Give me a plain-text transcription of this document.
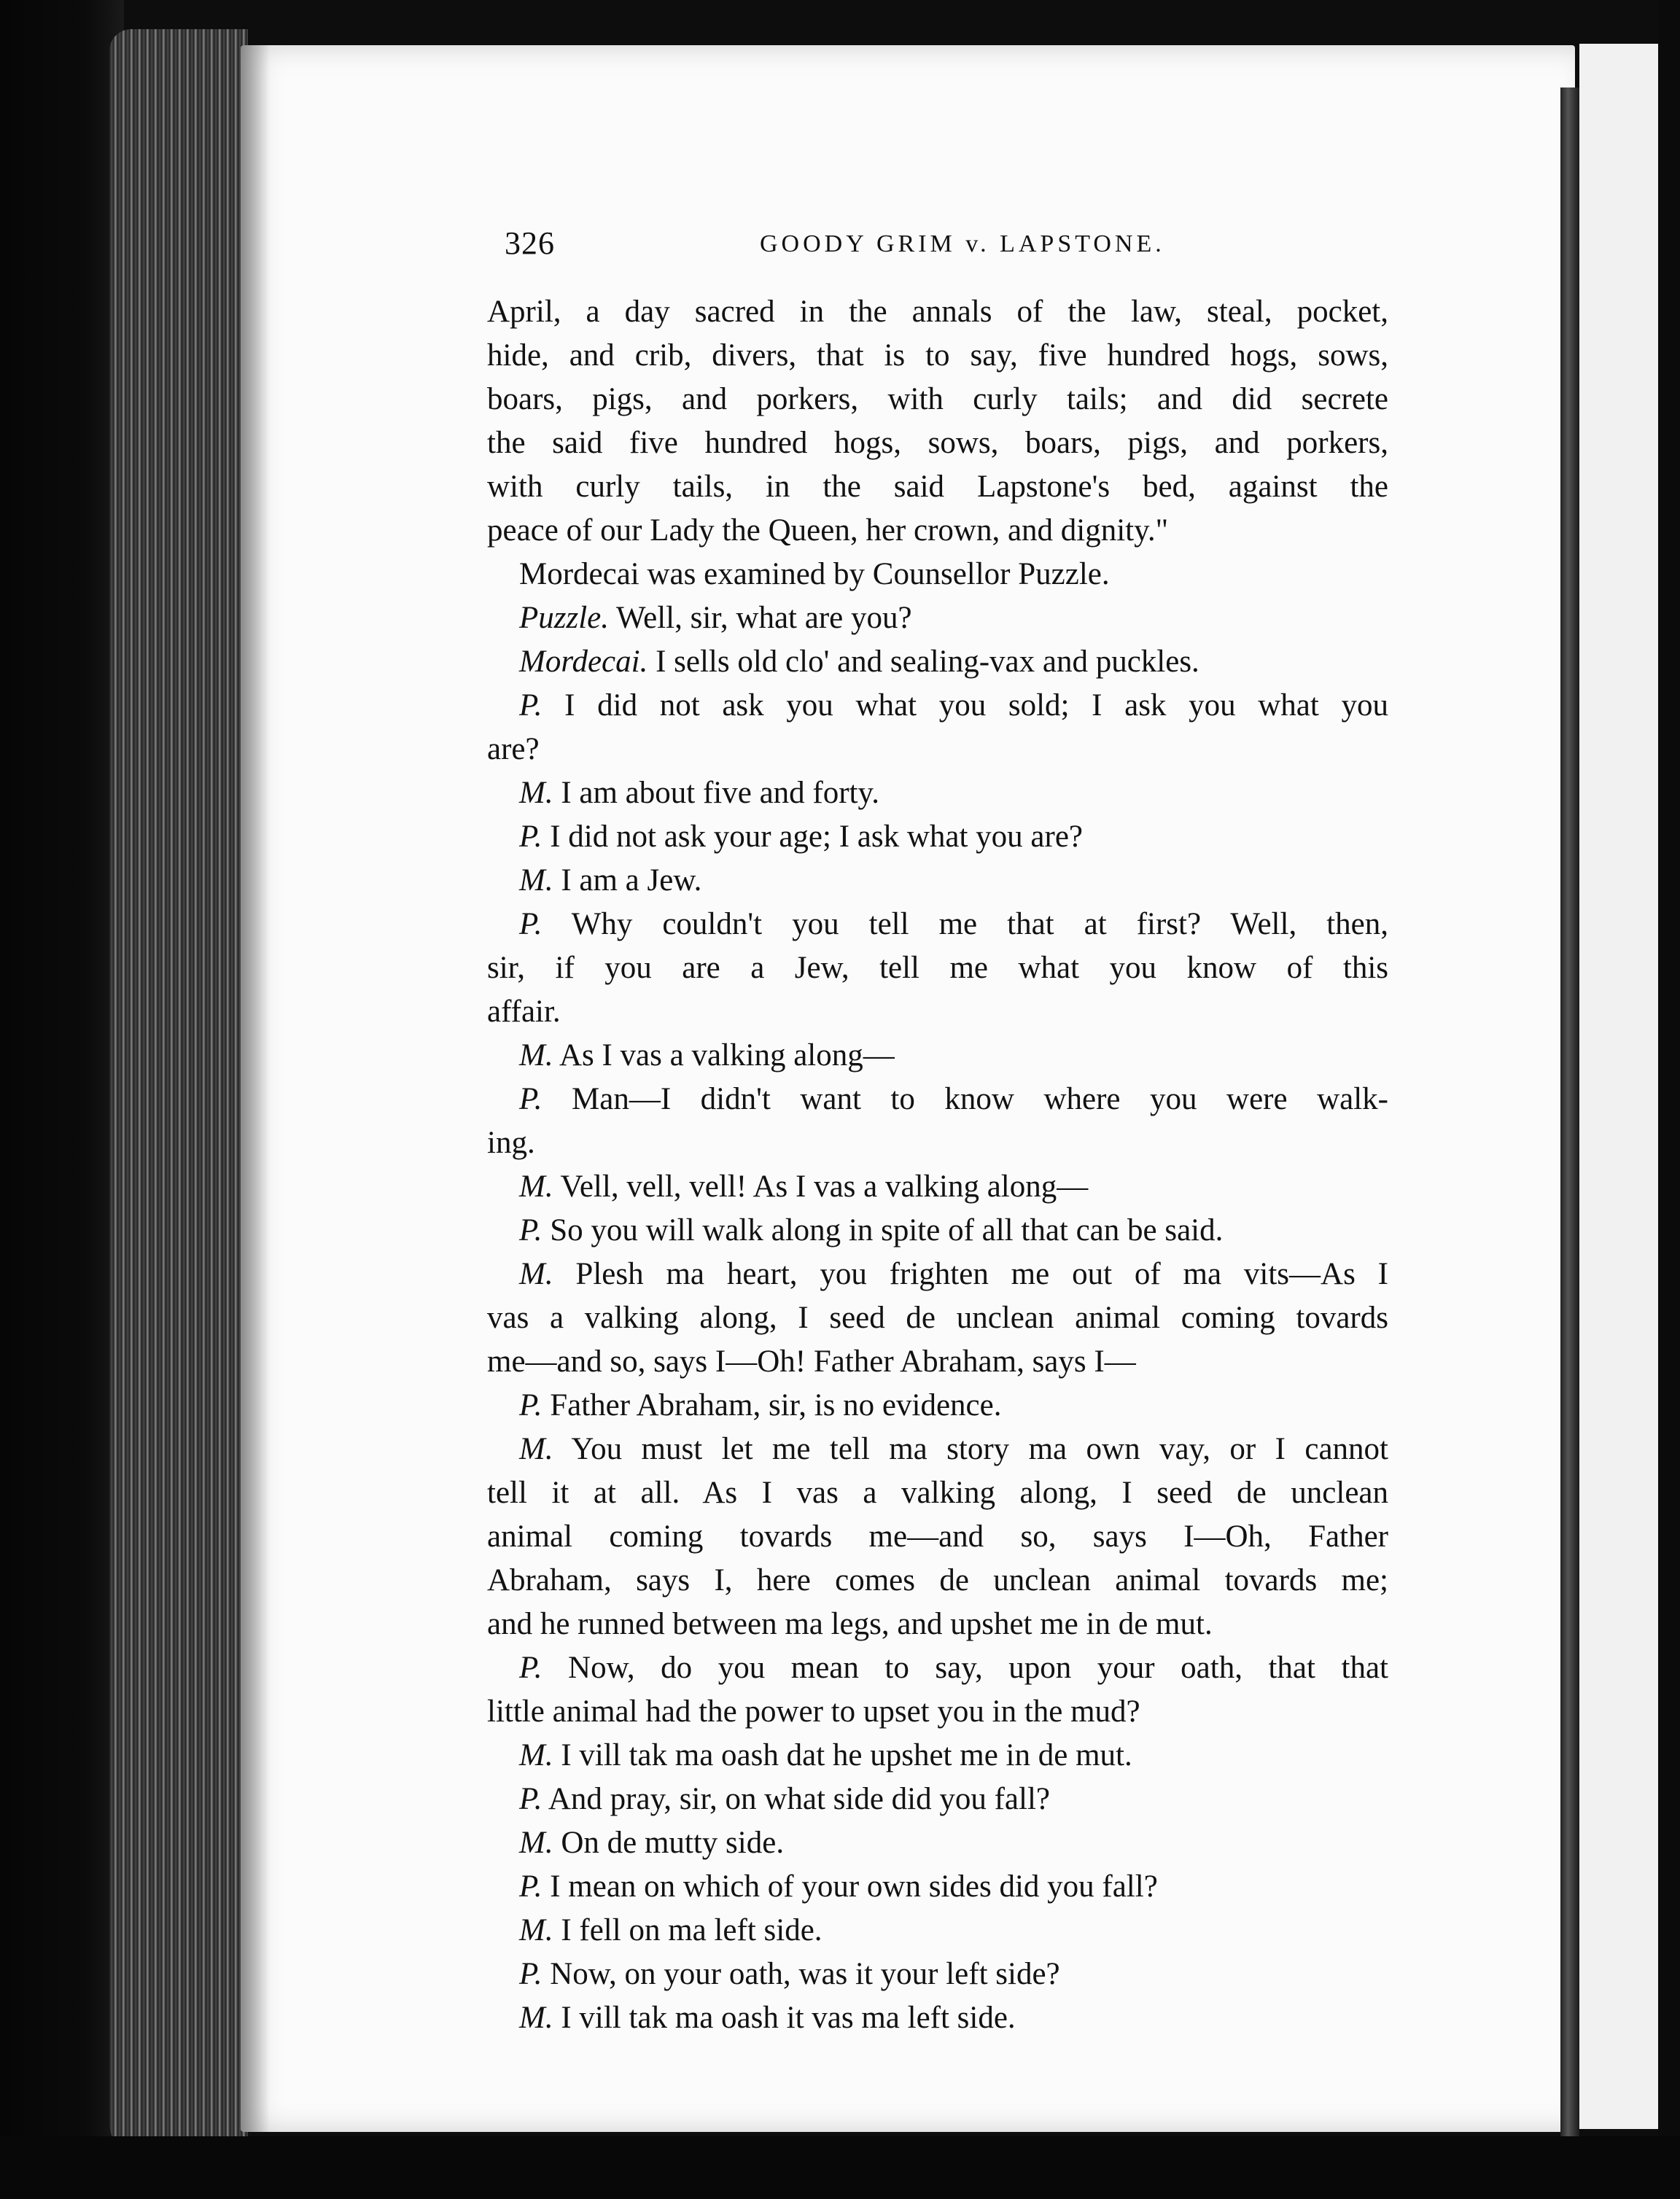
326	GOODY GRIM v. LAPSTONE.
April, a day sacred in the annals of the law, steal, pocket,
hide, and crib, divers, that is to say, five hundred hogs, sows,
boars, pigs, and porkers, with curly tails; and did secrete
the said five hundred hogs, sows, boars, pigs, and porkers,
with curly tails, in the said Lapstone's bed, against the
peace of our Lady the Queen, her crown, and dignity."
Mordecai was examined by Counsellor Puzzle.
Puzzle. Well, sir, what are you?
Mordecai. I sells old clo' and sealing-vax and puckles.
P. I did not ask you what you sold; I ask you what you
are?
M. I am about five and forty.
P. I did not ask your age; I ask what you are?
M. I am a Jew.
P. Why couldn't you tell me that at first? Well, then,
sir, if you are a Jew, tell me what you know of this
affair.
M. As I vas a valking along—
P. Man—I didn't want to know where you were walk-
ing.
M. Vell, vell, vell! As I vas a valking along—
P. So you will walk along in spite of all that can be said.
M. Plesh ma heart, you frighten me out of ma vits—As I
vas a valking along, I seed de unclean animal coming tovards
me—and so, says I—Oh! Father Abraham, says I—
P. Father Abraham, sir, is no evidence.
M. You must let me tell ma story ma own vay, or I cannot
tell it at all. As I vas a valking along, I seed de unclean
animal coming tovards me—and so, says I—Oh, Father
Abraham, says I, here comes de unclean animal tovards me;
and he runned between ma legs, and upshet me in de mut.
P. Now, do you mean to say, upon your oath, that that
little animal had the power to upset you in the mud?
M. I vill tak ma oash dat he upshet me in de mut.
P. And pray, sir, on what side did you fall?
M. On de mutty side.
P. I mean on which of your own sides did you fall?
M. I fell on ma left side.
P. Now, on your oath, was it your left side?
M. I vill tak ma oash it vas ma left side.
